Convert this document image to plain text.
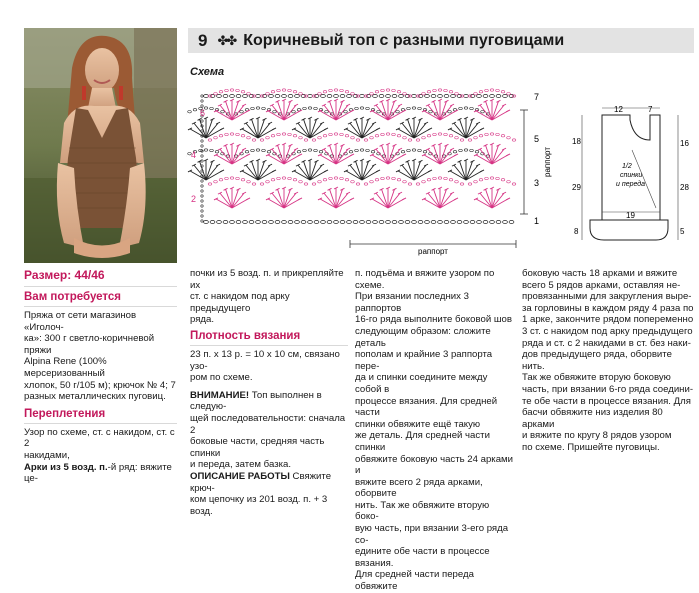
9 ✤✤ Коричневый топ с разными пуговицами
Схема
6
4
2
7
5
3
1
раппорт
раппорт
12	7
18
29
8
16
28
5
19
1/2
спинки
и переда
Размер: 44/46
Вам потребуется
Пряжа от сети магазинов «Иголоч-
ка»: 300 г светло-коричневой пряжи
Alpina Rene (100% мерсеризованный
хлопок, 50 г/105 м); крючок № 4; 7
разных металлических пуговиц.
Переплетения
Узор по схеме, ст. с накидом, ст. с 2
накидами,
Арки из 5 возд. п.-й ряд: вяжите це-
почки из 5 возд. п. и прикрепляйте их
ст. с накидом под арку предыдущего
ряда.
Плотность вязания
23 п. х 13 р. = 10 х 10 см, связано узо-
ром по схеме.
ВНИМАНИЕ! Топ выполнен в следую-
щей последовательности: сначала 2
боковые части, средняя часть спинки
и переда, затем базка.
ОПИСАНИЕ РАБОТЫ Свяжите крюч-
ком цепочку из 201 возд. п. + 3 возд.
п. подъёма и вяжите узором по схеме.
При вязании последних 3 раппортов
16-го ряда выполните боковой шов
следующим образом: сложите деталь
пополам и крайние 3 раппорта пере-
да и спинки соедините между собой в
процессе вязания. Для средней части
спинки обвяжите ещё такую
же деталь. Для средней части спинки
обвяжите боковую часть 24 арками и
вяжите всего 2 ряда арками, оборвите
нить. Так же обвяжите вторую боко-
вую часть, при вязании 3-его ряда со-
едините обе части в процессе вязания.
Для средней части переда обвяжите
боковую часть 18 арками и вяжите
всего 5 рядов арками, оставляя не-
провязанными для закругления выре-
за горловины в каждом ряду 4 раза по
1 арке, закончите рядом попеременно
3 ст. с накидом под арку предыдущего
ряда и ст. с 2 накидами в ст. без наки-
дов предыдущего ряда, оборвите нить.
Так же обвяжите вторую боковую
часть, при вязании 6-го ряда соедини-
те обе части в процессе вязания. Для
басчи обвяжите низ изделия 80 арками
и вяжите по кругу 8 рядов узором
по схеме. Пришейте пуговицы.
